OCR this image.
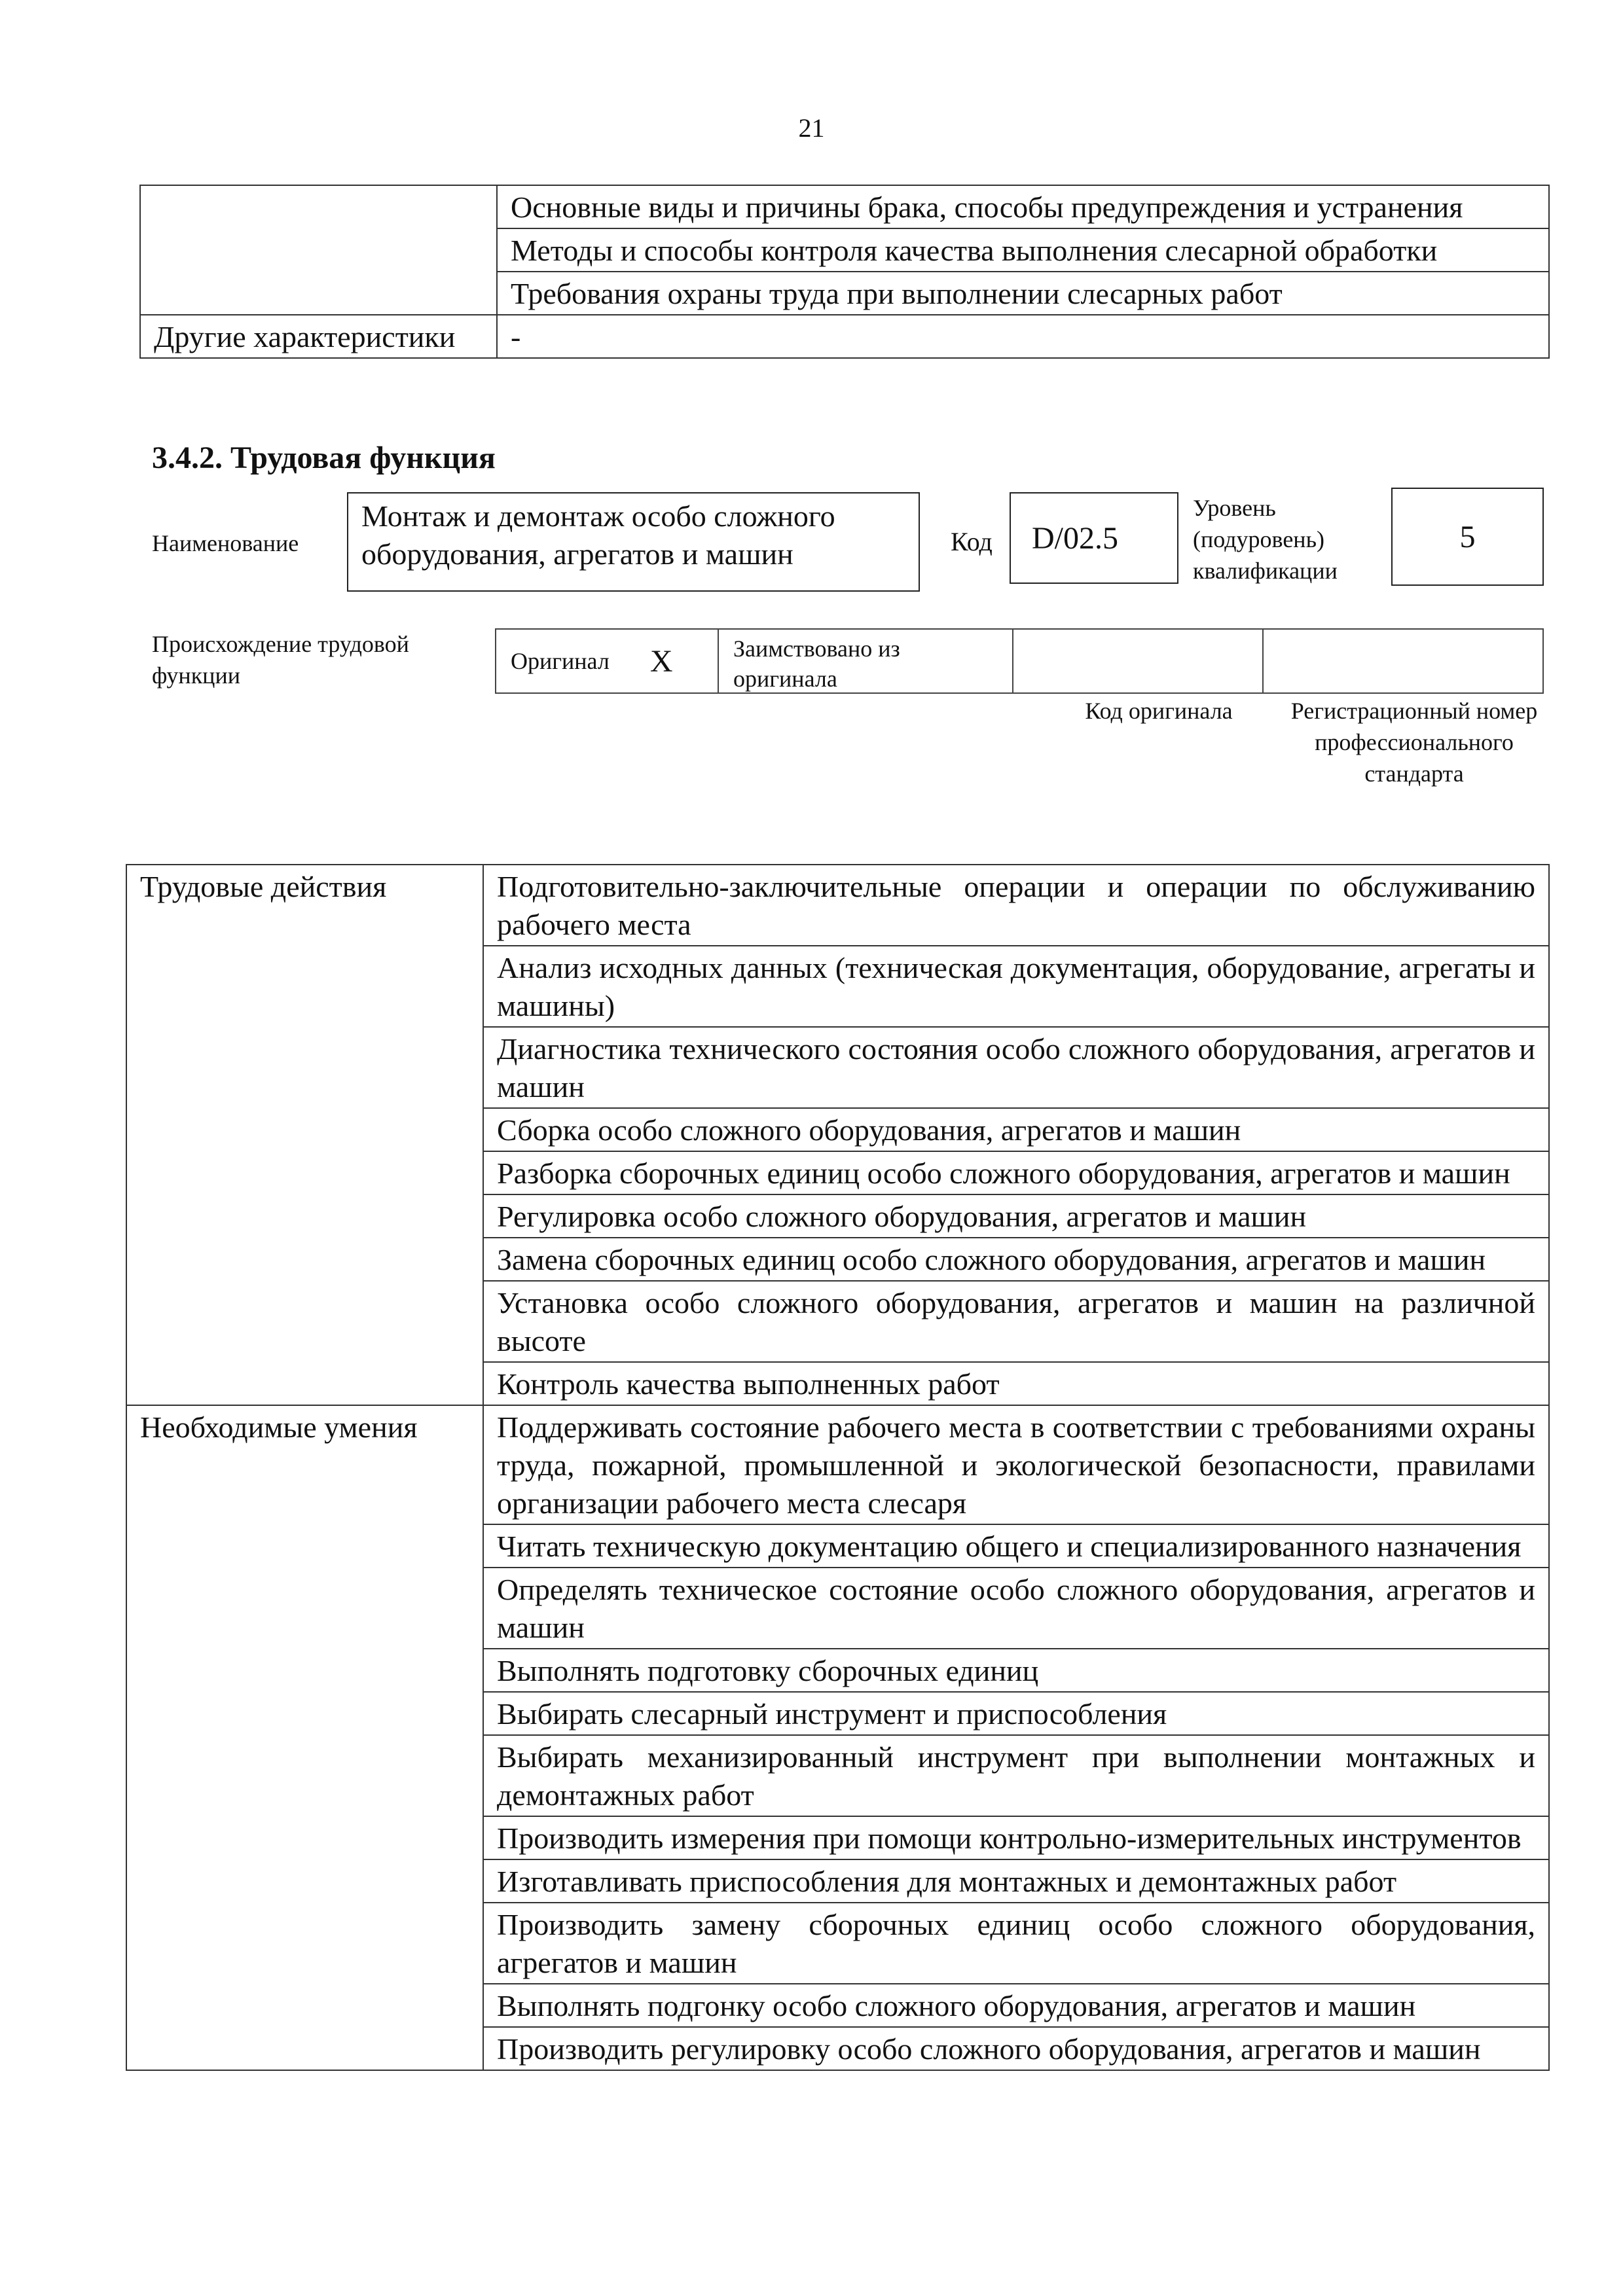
21
	Основные виды и причины брака, способы предупреждения и устранения
	Методы и способы контроля качества выполнения слесарной обработки
	Требования охраны труда при выполнении слесарных работ
Другие характеристики	-
3.4.2. Трудовая функция
Наименование
Монтаж и демонтаж особо сложного оборудования, агрегатов и машин	Код D/02.5
Уровень (подуровень) квалификации
5
Происхождение трудовой функции
Оригинал X	Заимствовано из оригинала
Код оригинала	Регистрационный номер профессионального стандарта
Трудовые действия	Подготовительно-заключительные операции и операции по обслуживанию рабочего места
	Анализ исходных данных (техническая документация, оборудование, агрегаты и машины)
	Диагностика технического состояния особо сложного оборудования, агрегатов и машин
	Сборка особо сложного оборудования, агрегатов и машин
	Разборка сборочных единиц особо сложного оборудования, агрегатов и машин
	Регулировка особо сложного оборудования, агрегатов и машин
	Замена сборочных единиц особо сложного оборудования, агрегатов и машин
	Установка особо сложного оборудования, агрегатов и машин на различной высоте
	Контроль качества выполненных работ
Необходимые умения	Поддерживать состояние рабочего места в соответствии с требованиями охраны труда, пожарной, промышленной и экологической безопасности, правилами организации рабочего места слесаря
	Читать техническую документацию общего и специализированного назначения
	Определять техническое состояние особо сложного оборудования, агрегатов и машин
	Выполнять подготовку сборочных единиц
	Выбирать слесарный инструмент и приспособления
	Выбирать механизированный инструмент при выполнении монтажных и демонтажных работ
	Производить измерения при помощи контрольно-измерительных инструментов
	Изготавливать приспособления для монтажных и демонтажных работ
	Производить замену сборочных единиц особо сложного оборудования, агрегатов и машин
	Выполнять подгонку особо сложного оборудования, агрегатов и машин
	Производить регулировку особо сложного оборудования, агрегатов и машин
